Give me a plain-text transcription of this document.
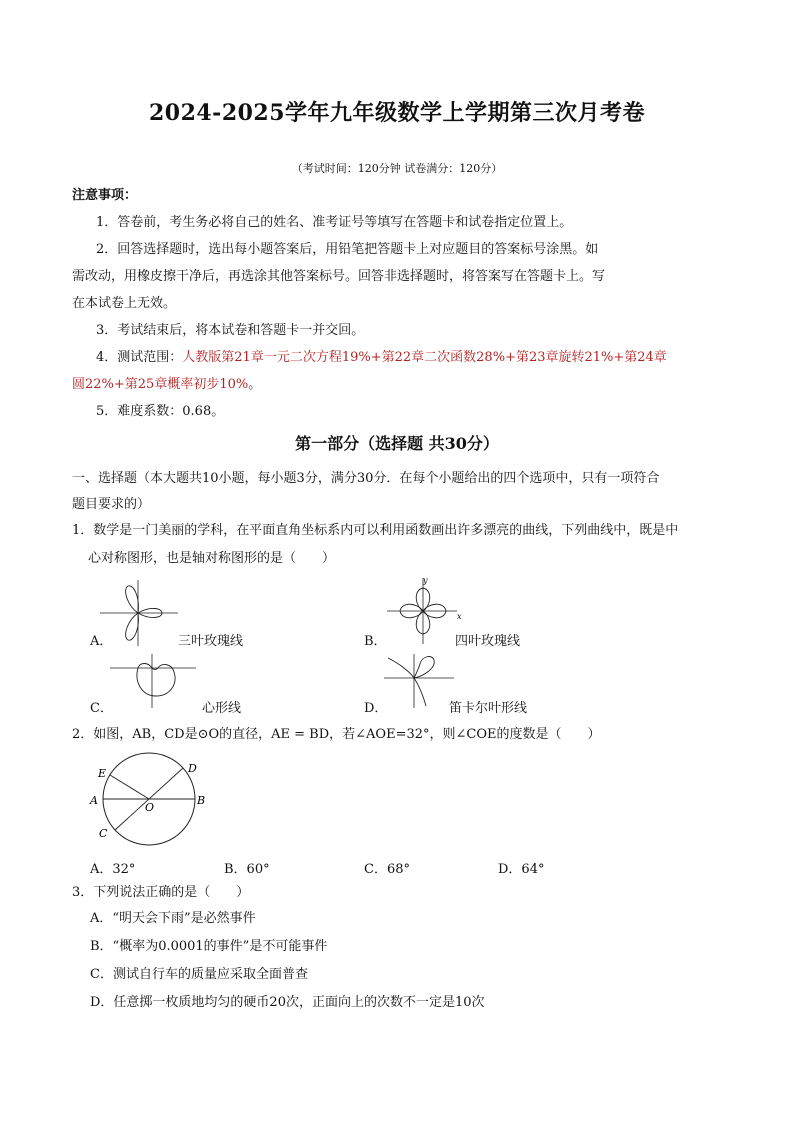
2024-2025学年九年级数学上学期第三次月考卷
（考试时间：120分钟 试卷满分：120分）
注意事项：
1．答卷前，考生务必将自己的姓名、准考证号等填写在答题卡和试卷指定位置上。
2．回答选择题时，选出每小题答案后，用铅笔把答题卡上对应题目的答案标号涂黑。如
需改动，用橡皮擦干净后，再选涂其他答案标号。回答非选择题时，将答案写在答题卡上。写
在本试卷上无效。
3．考试结束后，将本试卷和答题卡一并交回。
4．测试范围：人教版第21章一元二次方程19%+第22章二次函数28%+第23章旋转21%+第24章
圆22%+第25章概率初步10%。
5．难度系数：0.68。
第一部分（选择题 共30分）
一、选择题（本大题共10小题，每小题3分，满分30分．在每个小题给出的四个选项中，只有一项符合
题目要求的）
1．数学是一门美丽的学科，在平面直角坐标系内可以利用函数画出许多漂亮的曲线，下列曲线中，既是中
心对称图形，也是轴对称图形的是（　　）
y
x
A．	三叶玫瑰线	B．	四叶玫瑰线
C．	心形线	D．	笛卡尔叶形线
2．如图，AB，CD是⊙O的直径，AE = BD，若∠AOE=32°，则∠COE的度数是（　　）
E	D
A
O
B
C
A．32°	B．60°	C．68°	D．64°
3．下列说法正确的是（　　）
A．“明天会下雨”是必然事件
B．“概率为0.0001的事件”是不可能事件
C．测试自行车的质量应采取全面普查
D．任意掷一枚质地均匀的硬币20次，正面向上的次数不一定是10次
